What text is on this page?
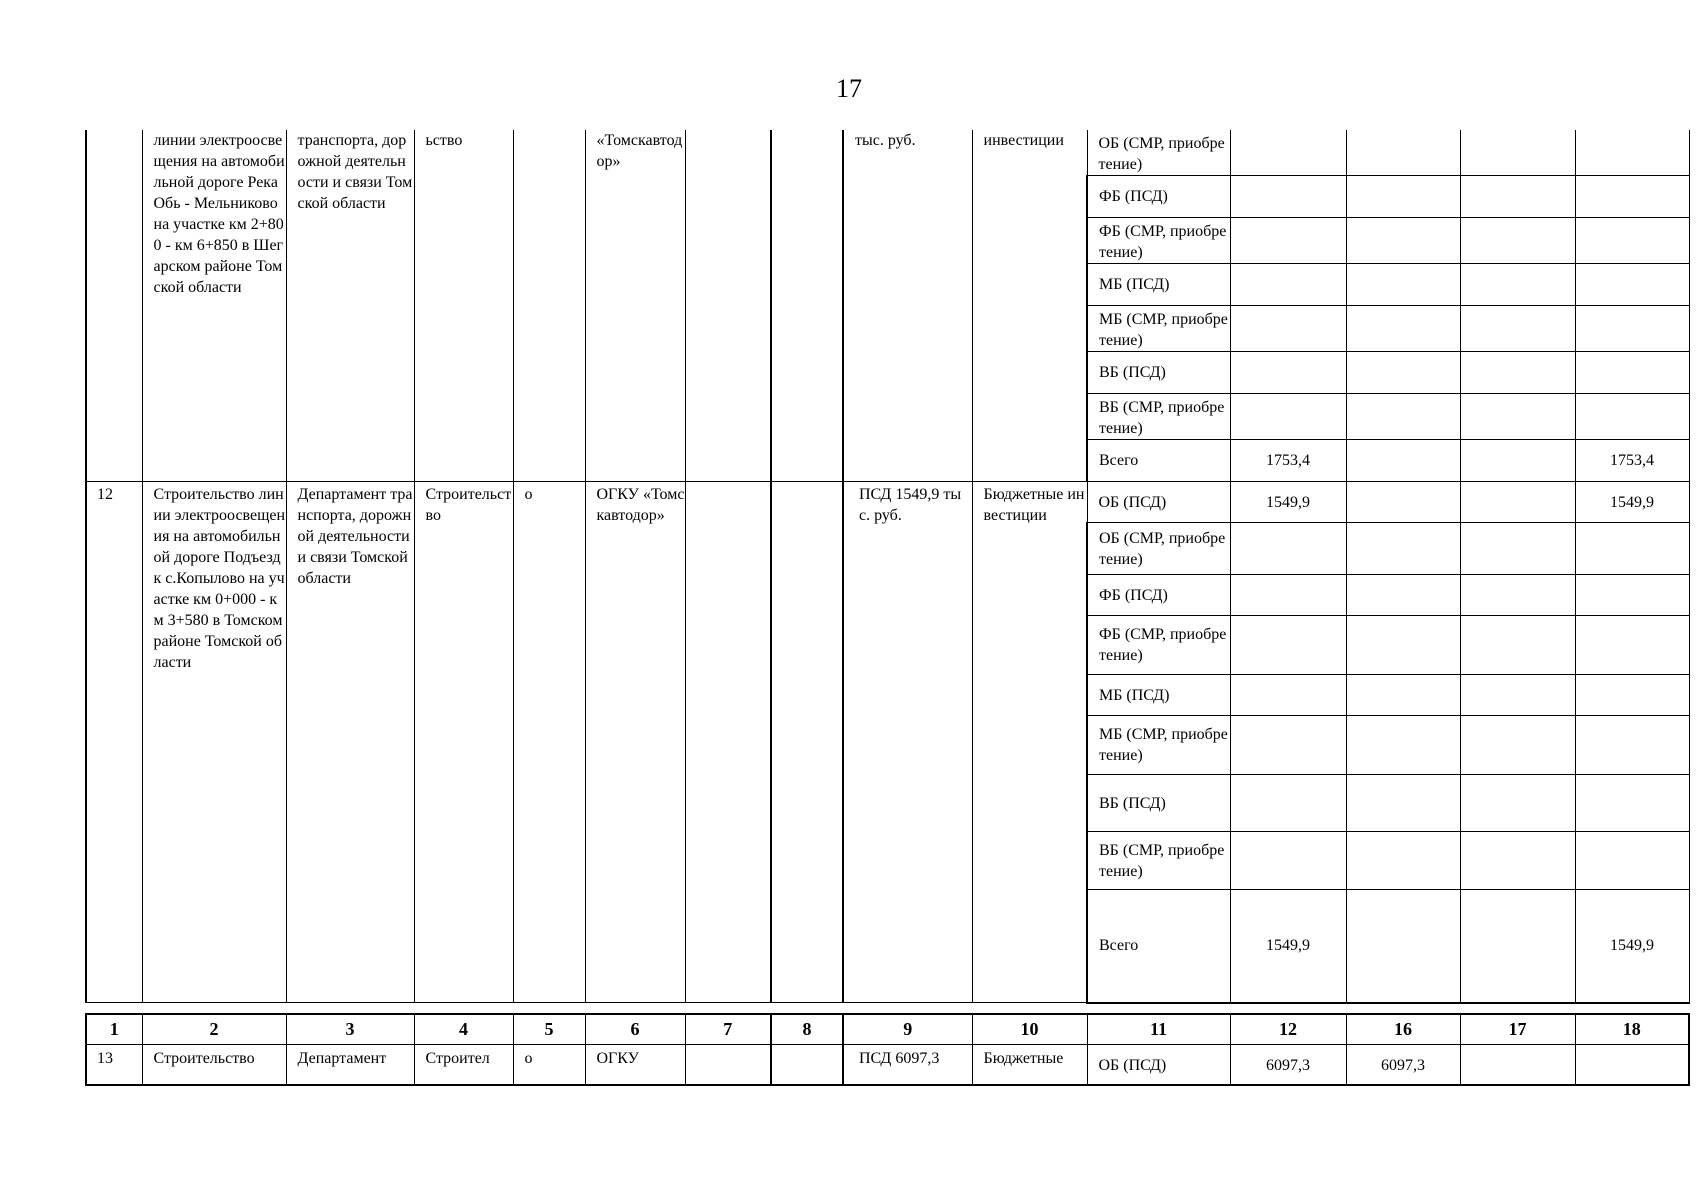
17
	линии электроосвещения на автомобильной дороге Река Обь - Мельниково на участке км 2+800 - км 6+850 в Шегарском районе Томской области	транспорта, дорожной деятельности и связи Томской области	ьство		«Томскавтодор»			тыс. руб.	инвестиции	ОБ (СМР, приобретение)				
										ФБ (ПСД)				
										ФБ (СМР, приобретение)				
										МБ (ПСД)				
										МБ (СМР, приобретение)				
										ВБ (ПСД)				
										ВБ (СМР, приобретение)				
										Всего	1753,4			1753,4
12	Строительство линии электроосвещения на автомобильной дороге Подъезд к с.Копылово на участке км 0+000 - км 3+580 в Томском районе Томской области	Департамент транспорта, дорожной деятельности и связи Томской области	Строительство	о	ОГКУ «Томскавтодор»			ПСД 1549,9 тыс. руб.	Бюджетные инвестиции	ОБ (ПСД)	1549,9			1549,9
										ОБ (СМР, приобретение)				
										ФБ (ПСД)				
										ФБ (СМР, приобретение)				
										МБ (ПСД)				
										МБ (СМР, приобретение)				
										ВБ (ПСД)				
										ВБ (СМР, приобретение)				
										Всего	1549,9			1549,9
1	2	3	4	5	6	7	8	9	10	11	12	16	17	18
13	Строительство	Департамент	Строител	о	ОГКУ			ПСД 6097,3	Бюджетные	ОБ (ПСД)	6097,3	6097,3		
